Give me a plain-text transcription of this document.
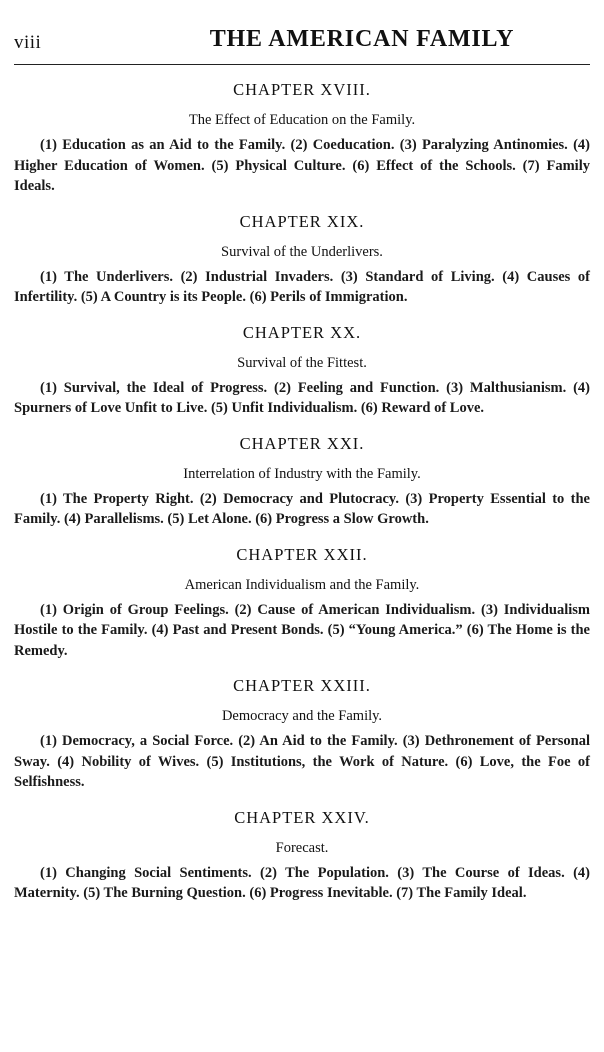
viii	THE AMERICAN FAMILY
CHAPTER XVIII.
The Effect of Education on the Family.

(1) Education as an Aid to the Family. (2) Coeducation. (3) Paralyzing Antinomies. (4) Higher Education of Women. (5) Physical Culture. (6) Effect of the Schools. (7) Family Ideals.

CHAPTER XIX.
Survival of the Underlivers.

(1) The Underlivers. (2) Industrial Invaders. (3) Standard of Living. (4) Causes of Infertility. (5) A Country is its People. (6) Perils of Immigration.

CHAPTER XX.
Survival of the Fittest.

(1) Survival, the Ideal of Progress. (2) Feeling and Function. (3) Malthusianism. (4) Spurners of Love Unfit to Live. (5) Unfit Individualism. (6) Reward of Love.

CHAPTER XXI.
Interrelation of Industry with the Family.

(1) The Property Right. (2) Democracy and Plutocracy. (3) Property Essential to the Family. (4) Parallelisms. (5) Let Alone. (6) Progress a Slow Growth.

CHAPTER XXII.
American Individualism and the Family.

(1) Origin of Group Feelings. (2) Cause of American Individualism. (3) Individualism Hostile to the Family. (4) Past and Present Bonds. (5) “Young America.” (6) The Home is the Remedy.

CHAPTER XXIII.
Democracy and the Family.

(1) Democracy, a Social Force. (2) An Aid to the Family. (3) Dethronement of Personal Sway. (4) Nobility of Wives. (5) Institutions, the Work of Nature. (6) Love, the Foe of Selfishness.

CHAPTER XXIV.
Forecast.

(1) Changing Social Sentiments. (2) The Population. (3) The Course of Ideas. (4) Maternity. (5) The Burning Question. (6) Progress Inevitable. (7) The Family Ideal.
